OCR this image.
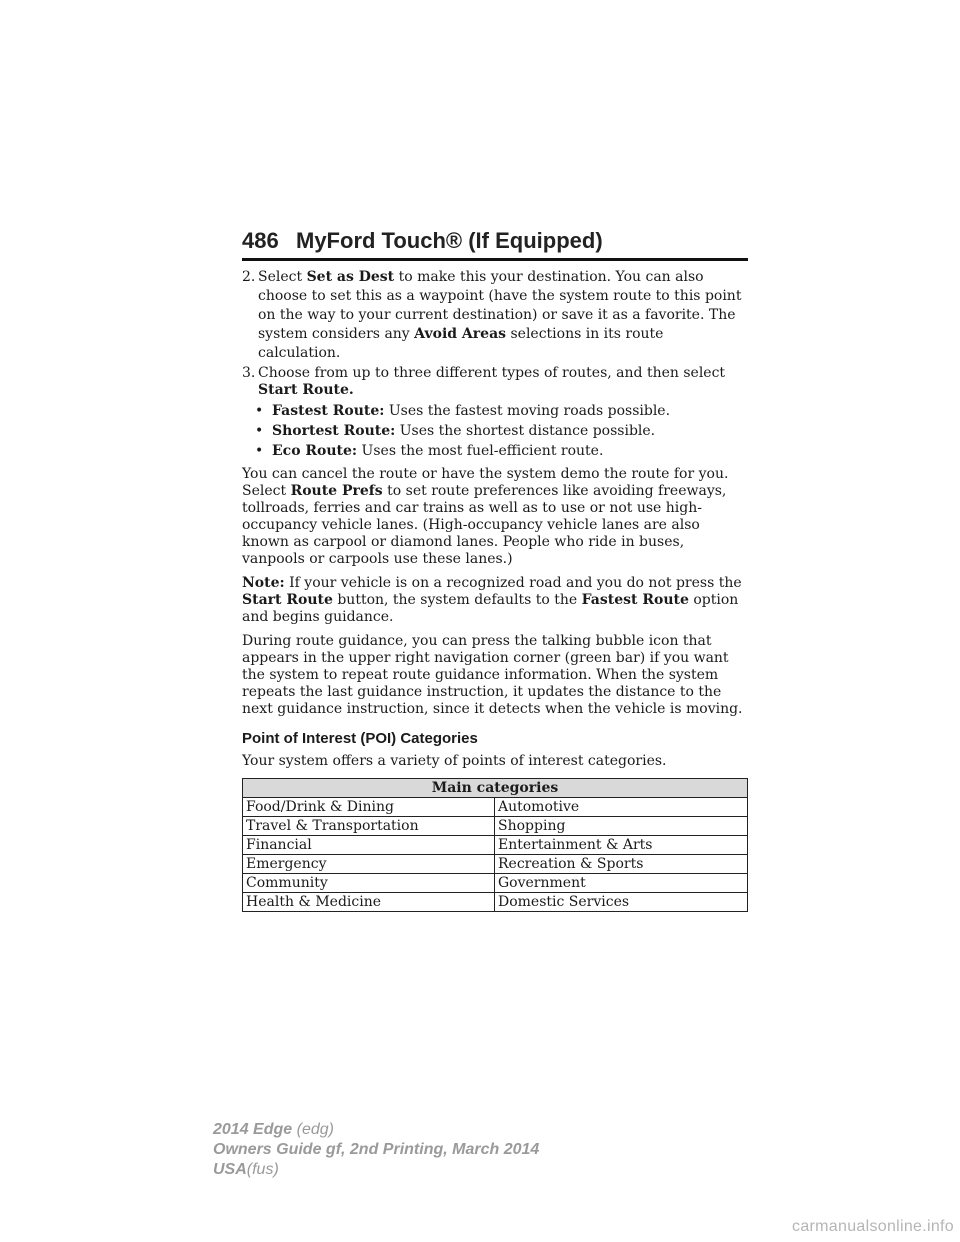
486 MyFord Touch® (If Equipped)
2. Select Set as Dest to make this your destination. You can also choose to set this as a waypoint (have the system route to this point on the way to your current destination) or save it as a favorite. The system considers any Avoid Areas selections in its route calculation.
3. Choose from up to three different types of routes, and then select Start Route.
• Fastest Route: Uses the fastest moving roads possible.
• Shortest Route: Uses the shortest distance possible.
• Eco Route: Uses the most fuel-efficient route.

You can cancel the route or have the system demo the route for you. Select Route Prefs to set route preferences like avoiding freeways, tollroads, ferries and car trains as well as to use or not use high-occupancy vehicle lanes. (High-occupancy vehicle lanes are also known as carpool or diamond lanes. People who ride in buses, vanpools or carpools use these lanes.)

Note: If your vehicle is on a recognized road and you do not press the Start Route button, the system defaults to the Fastest Route option and begins guidance.

During route guidance, you can press the talking bubble icon that appears in the upper right navigation corner (green bar) if you want the system to repeat route guidance information. When the system repeats the last guidance instruction, it updates the distance to the next guidance instruction, since it detects when the vehicle is moving.

Point of Interest (POI) Categories

Your system offers a variety of points of interest categories.

Main categories	
Food/Drink & Dining	Automotive
Travel & Transportation	Shopping
Financial	Entertainment & Arts
Emergency	Recreation & Sports
Community	Government
Health & Medicine	Domestic Services
2014 Edge (edg)
Owners Guide gf, 2nd Printing, March 2014
USA(fus)
carmanualsonline.info
